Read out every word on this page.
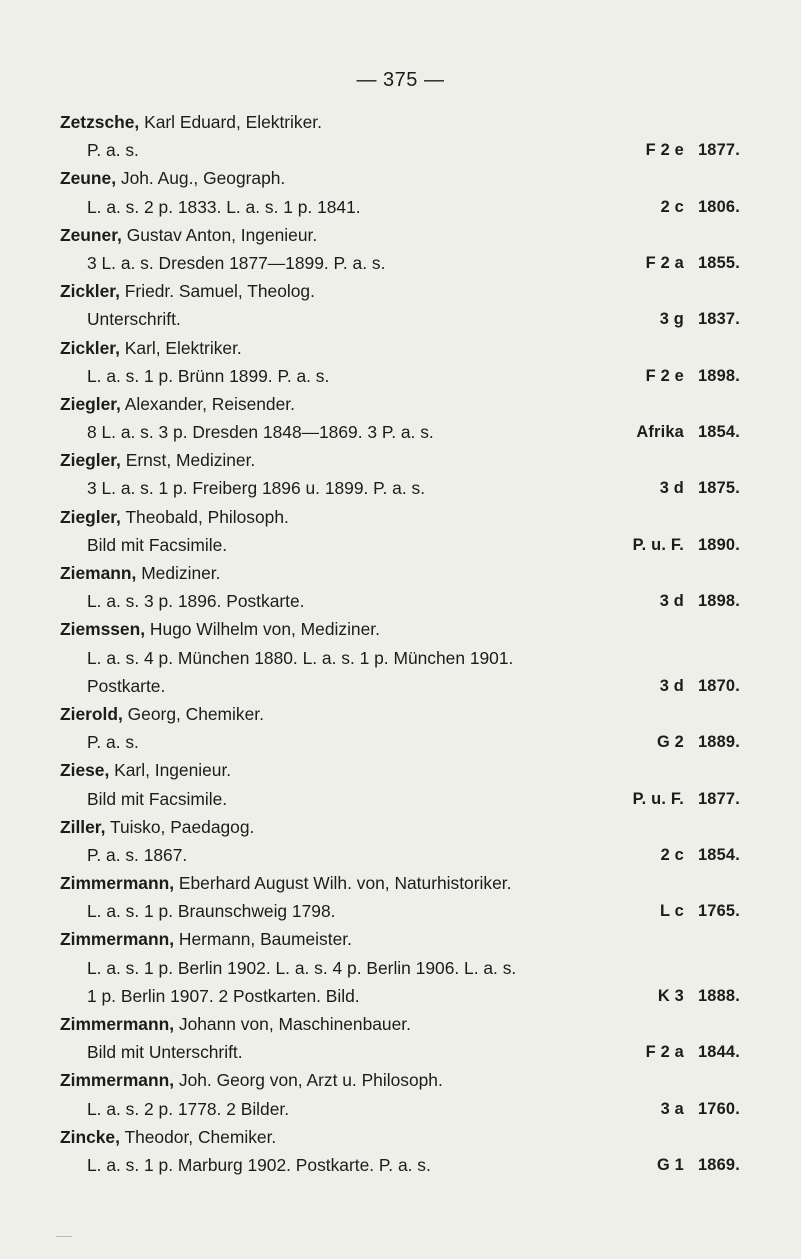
— 375 —
Zetzsche, Karl Eduard, Elektriker.
P. a. s.	F 2 e 1877.
Zeune, Joh. Aug., Geograph.
L. a. s. 2 p. 1833. L. a. s. 1 p. 1841.	2 c 1806.
Zeuner, Gustav Anton, Ingenieur.
3 L. a. s. Dresden 1877—1899. P. a. s.	F 2 a 1855.
Zickler, Friedr. Samuel, Theolog.
Unterschrift.	3 g 1837.
Zickler, Karl, Elektriker.
L. a. s. 1 p. Brünn 1899. P. a. s.	F 2 e 1898.
Ziegler, Alexander, Reisender.
8 L. a. s. 3 p. Dresden 1848—1869. 3 P. a. s.	Afrika 1854.
Ziegler, Ernst, Mediziner.
3 L. a. s. 1 p. Freiberg 1896 u. 1899. P. a. s.	3 d 1875.
Ziegler, Theobald, Philosoph.
Bild mit Facsimile.	P. u. F. 1890.
Ziemann, Mediziner.
L. a. s. 3 p. 1896. Postkarte.	3 d 1898.
Ziemssen, Hugo Wilhelm von, Mediziner.
L. a. s. 4 p. München 1880. L. a. s. 1 p. München 1901.
Postkarte.	3 d 1870.
Zierold, Georg, Chemiker.
P. a. s.	G 2 1889.
Ziese, Karl, Ingenieur.
Bild mit Facsimile.	P. u. F. 1877.
Ziller, Tuisko, Paedagog.
P. a. s. 1867.	2 c 1854.
Zimmermann, Eberhard August Wilh. von, Naturhistoriker.
L. a. s. 1 p. Braunschweig 1798.	L c 1765.
Zimmermann, Hermann, Baumeister.
L. a. s. 1 p. Berlin 1902. L. a. s. 4 p. Berlin 1906. L. a. s.
1 p. Berlin 1907. 2 Postkarten. Bild.	K 3 1888.
Zimmermann, Johann von, Maschinenbauer.
Bild mit Unterschrift.	F 2 a 1844.
Zimmermann, Joh. Georg von, Arzt u. Philosoph.
L. a. s. 2 p. 1778. 2 Bilder.	3 a 1760.
Zincke, Theodor, Chemiker.
L. a. s. 1 p. Marburg 1902. Postkarte. P. a. s.	G 1 1869.
